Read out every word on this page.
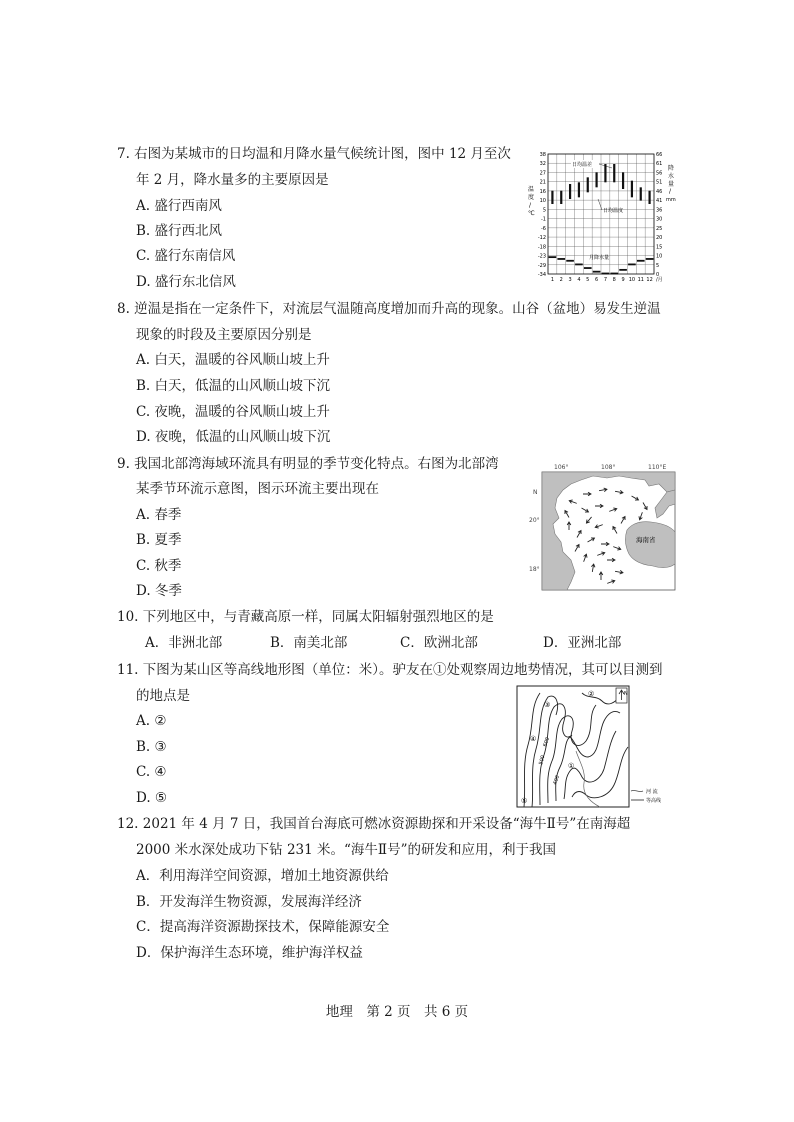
7. 右图为某城市的日均温和月降水量气候统计图，图中 12 月至次
年 2 月，降水量多的主要原因是
A. 盛行西南风
B. 盛行西北风
C. 盛行东南信风
D. 盛行东北信风
38
32
27
21
16
10
5
-1
-6
-12
-18
-23
-29
-34
66
61
56
51
46
41
36
30
25
20
15
10
5
0
1 2 3 4 5 6 7 8 9 10 11 12 /月
温
度
/
℃
降
水
量
/
mm
日均温差
日均温度
月降水量
8. 逆温是指在一定条件下，对流层气温随高度增加而升高的现象。山谷（盆地）易发生逆温
现象的时段及主要原因分别是
A. 白天，温暖的谷风顺山坡上升
B. 白天，低温的山风顺山坡下沉
C. 夜晚，温暖的谷风顺山坡上升
D. 夜晚，低温的山风顺山坡下沉
9. 我国北部湾海域环流具有明显的季节变化特点。右图为北部湾
某季节环流示意图，图示环流主要出现在
A. 春季
B. 夏季
C. 秋季
D. 冬季
106°	108°	110°E
N
20°
18°
海南省
10. 下列地区中，与青藏高原一样，同属太阳辐射强烈地区的是
A．非洲北部	B．南美北部	C．欧洲北部	D．亚洲北部
11. 下图为某山区等高线地形图（单位：米）。驴友在①处观察周边地势情况，其可以目测到
的地点是
A. ②
B. ③
C. ④
D. ⑤
①
②
③
④
⑤
600
500
400
N
河 流
等高线
12. 2021 年 4 月 7 日，我国首台海底可燃冰资源勘探和开采设备“海牛Ⅱ号”在南海超
2000 米水深处成功下钻 231 米。“海牛Ⅱ号”的研发和应用，利于我国
A．利用海洋空间资源，增加土地资源供给
B．开发海洋生物资源，发展海洋经济
C．提高海洋资源勘探技术，保障能源安全
D．保护海洋生态环境，维护海洋权益
地理　第 2 页　共 6 页
